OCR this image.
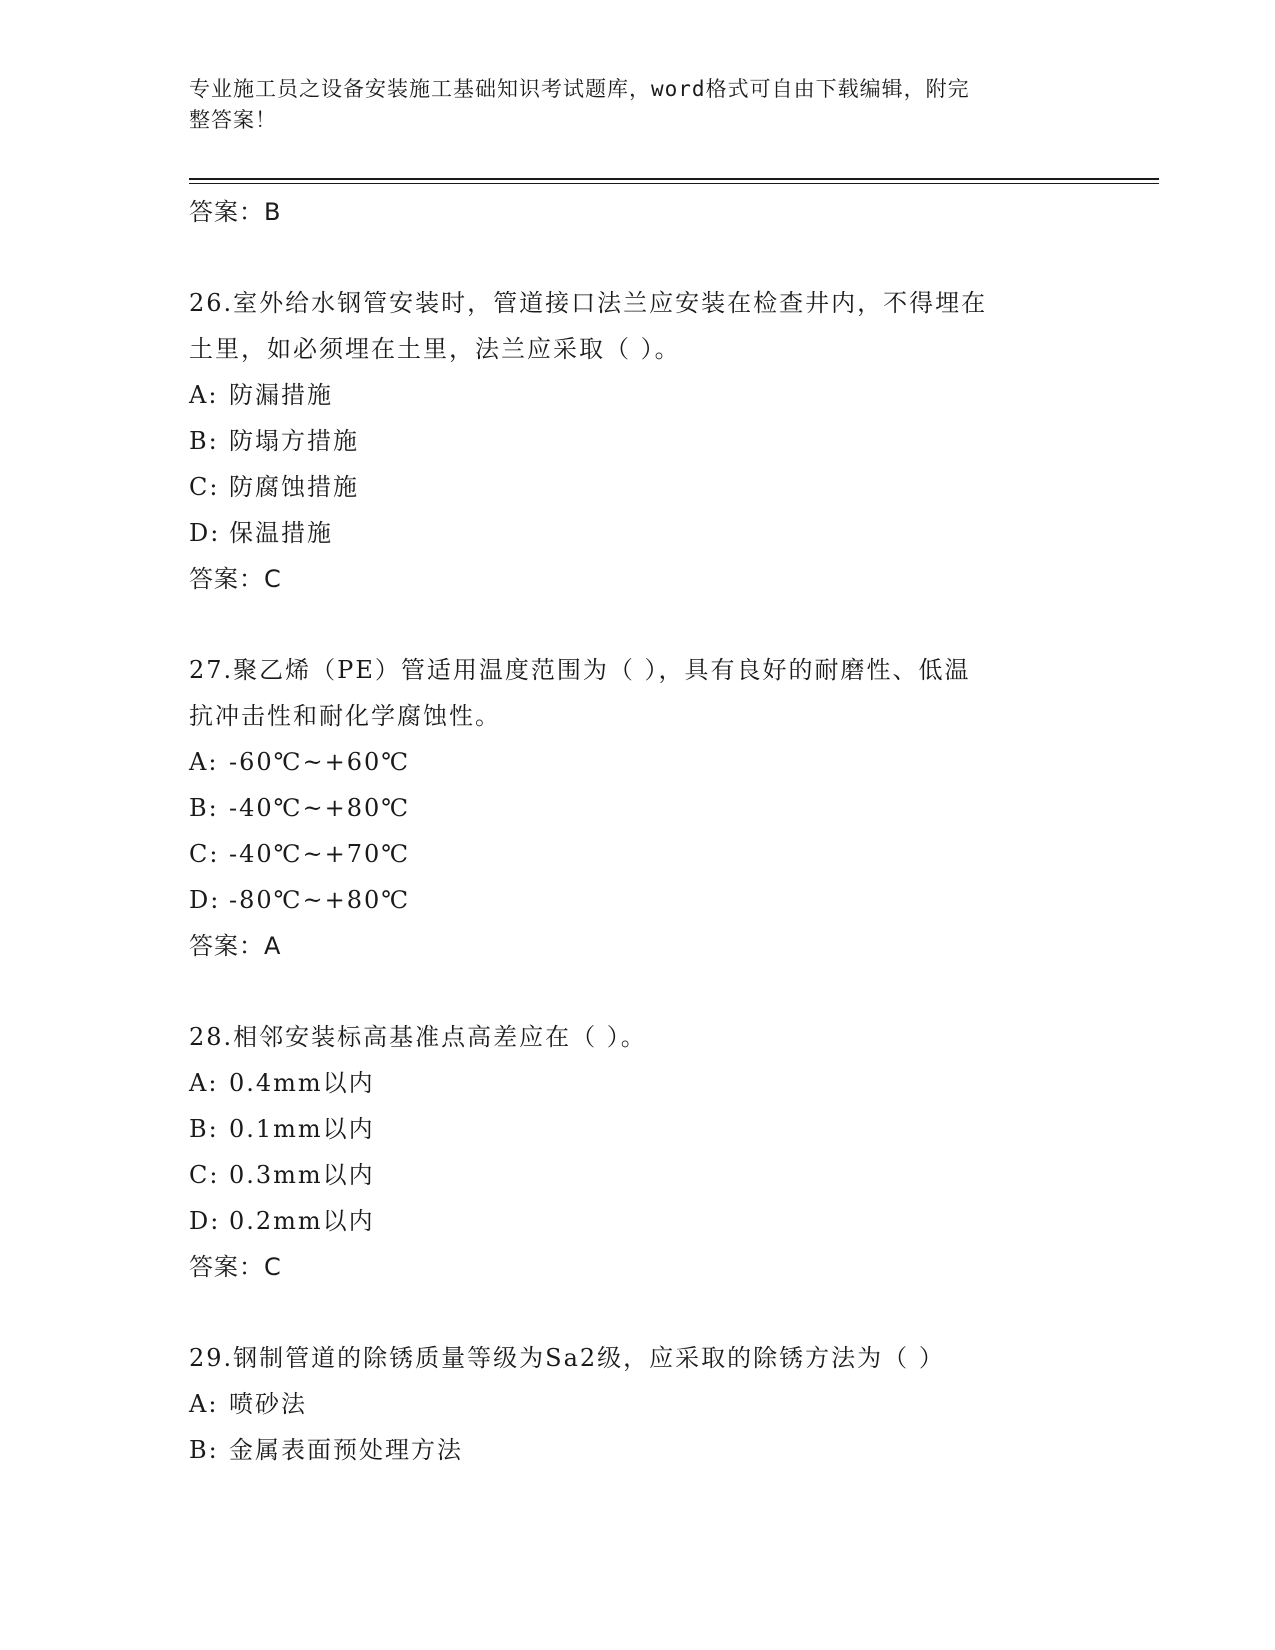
专业施工员之设备安装施工基础知识考试题库，word格式可自由下载编辑，附完
整答案！
答案：B
26.室外给水钢管安装时，管道接口法兰应安装在检查井内，不得埋在
土里，如必须埋在土里，法兰应采取（ ）。
A: 防漏措施
B: 防塌方措施
C: 防腐蚀措施
D: 保温措施
答案：C
27.聚乙烯（PE）管适用温度范围为（ ），具有良好的耐磨性、低温
抗冲击性和耐化学腐蚀性。
A: -60℃~+60℃
B: -40℃~+80℃
C: -40℃~+70℃
D: -80℃~+80℃
答案：A
28.相邻安装标高基准点高差应在（ ）。
A: 0.4mm以内
B: 0.1mm以内
C: 0.3mm以内
D: 0.2mm以内
答案：C
29.钢制管道的除锈质量等级为Sa2级，应采取的除锈方法为（ ）
A: 喷砂法
B: 金属表面预处理方法
